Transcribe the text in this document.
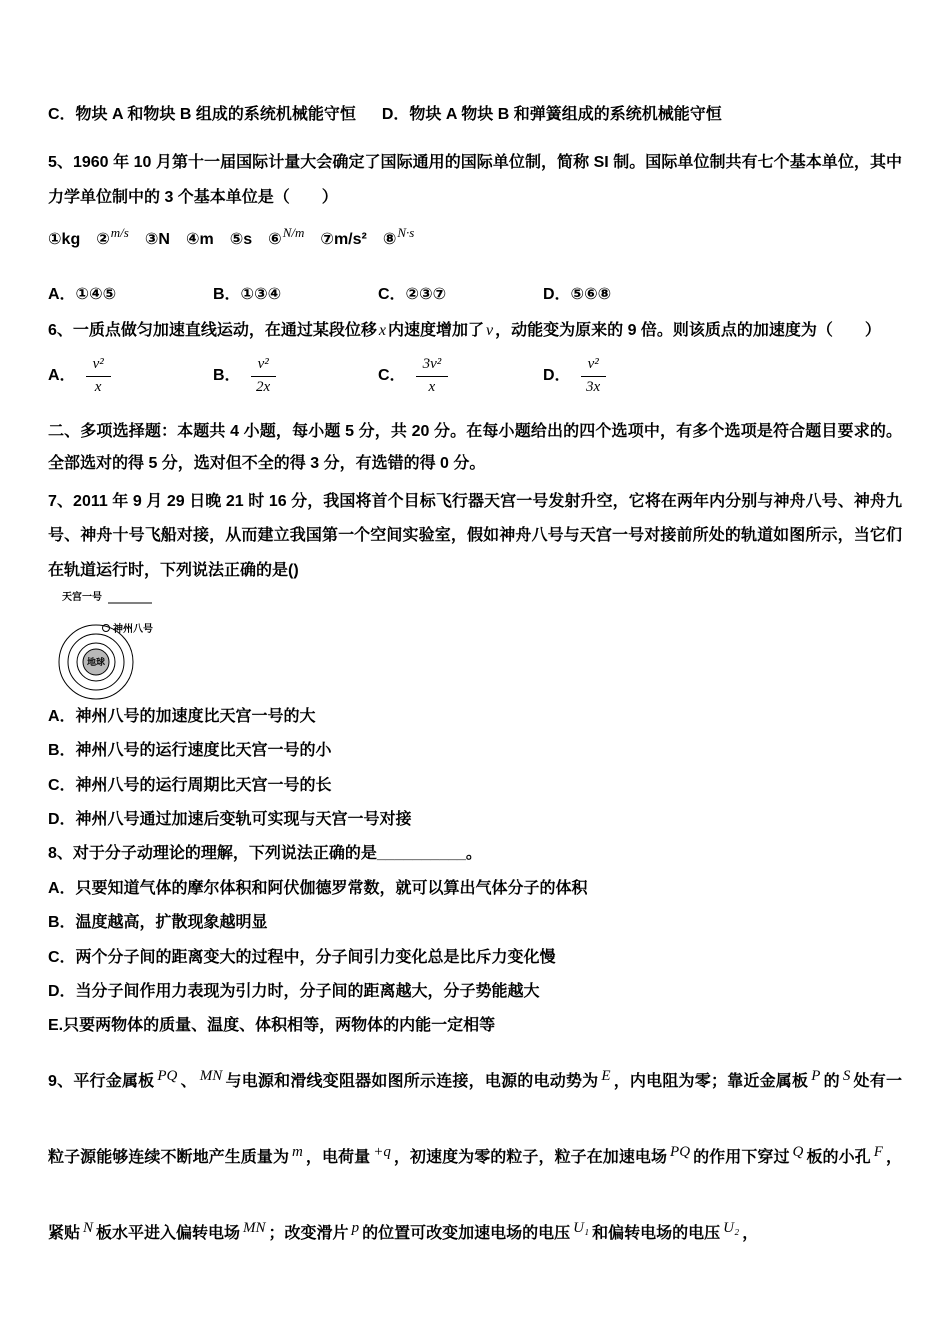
C．物块 A 和物块 B 组成的系统机械能守恒 D．物块 A 物块 B 和弹簧组成的系统机械能守恒
5、1960 年 10 月第十一届国际计量大会确定了国际通用的国际单位制，简称 SI 制。国际单位制共有七个基本单位，其中力学单位制中的 3 个基本单位是（　　）
①kg ②$^{m/s}$ ③N ④m ⑤s ⑥$^{N/m}$ ⑦m/s² ⑧$^{N\cdot s}$
A．①④⑤	B．①③④	C．②③⑦	D．⑤⑥⑧
6、一质点做匀加速直线运动，在通过某段位移 x 内速度增加了 v ，动能变为原来的 9 倍。则该质点的加速度为（　　）
A． $\frac{\text{v²}}{x}$	B． $\frac{\text{v²}}{2x}$	C． $\frac{\text{3v²}}{x}$	D． $\frac{\text{v²}}{3x}$
二、多项选择题：本题共 4 小题，每小题 5 分，共 20 分。在每小题给出的四个选项中，有多个选项是符合题目要求的。全部选对的得 5 分，选对但不全的得 3 分，有选错的得 0 分。
7、2011 年 9 月 29 日晚 21 时 16 分，我国将首个目标飞行器天宫一号发射升空，它将在两年内分别与神舟八号、神舟九号、神舟十号飞船对接，从而建立我国第一个空间实验室，假如神舟八号与天宫一号对接前所处的轨道如图所示，当它们在轨道运行时，下列说法正确的是()
天宫一号
神州八号
地球
A．神州八号的加速度比天宫一号的大
B．神州八号的运行速度比天宫一号的小
C．神州八号的运行周期比天宫一号的长
D．神州八号通过加速后变轨可实现与天宫一号对接
8、对于分子动理论的理解，下列说法正确的是__________。
A．只要知道气体的摩尔体积和阿伏伽德罗常数，就可以算出气体分子的体积
B．温度越高，扩散现象越明显
C．两个分子间的距离变大的过程中，分子间引力变化总是比斥力变化慢
D．当分子间作用力表现为引力时，分子间的距离越大，分子势能越大
E.只要两物体的质量、温度、体积相等，两物体的内能一定相等
9、平行金属板 PQ 、 MN 与电源和滑线变阻器如图所示连接，电源的电动势为 E ，内电阻为零；靠近金属板 P 的 S 处有一粒子源能够连续不断地产生质量为 m ，电荷量 +q ，初速度为零的粒子，粒子在加速电场 PQ 的作用下穿过 Q 板的小孔 F ，紧贴 N 板水平进入偏转电场 MN ；改变滑片 p 的位置可改变加速电场的电压 U₁ 和偏转电场的电压 U₂ ，
